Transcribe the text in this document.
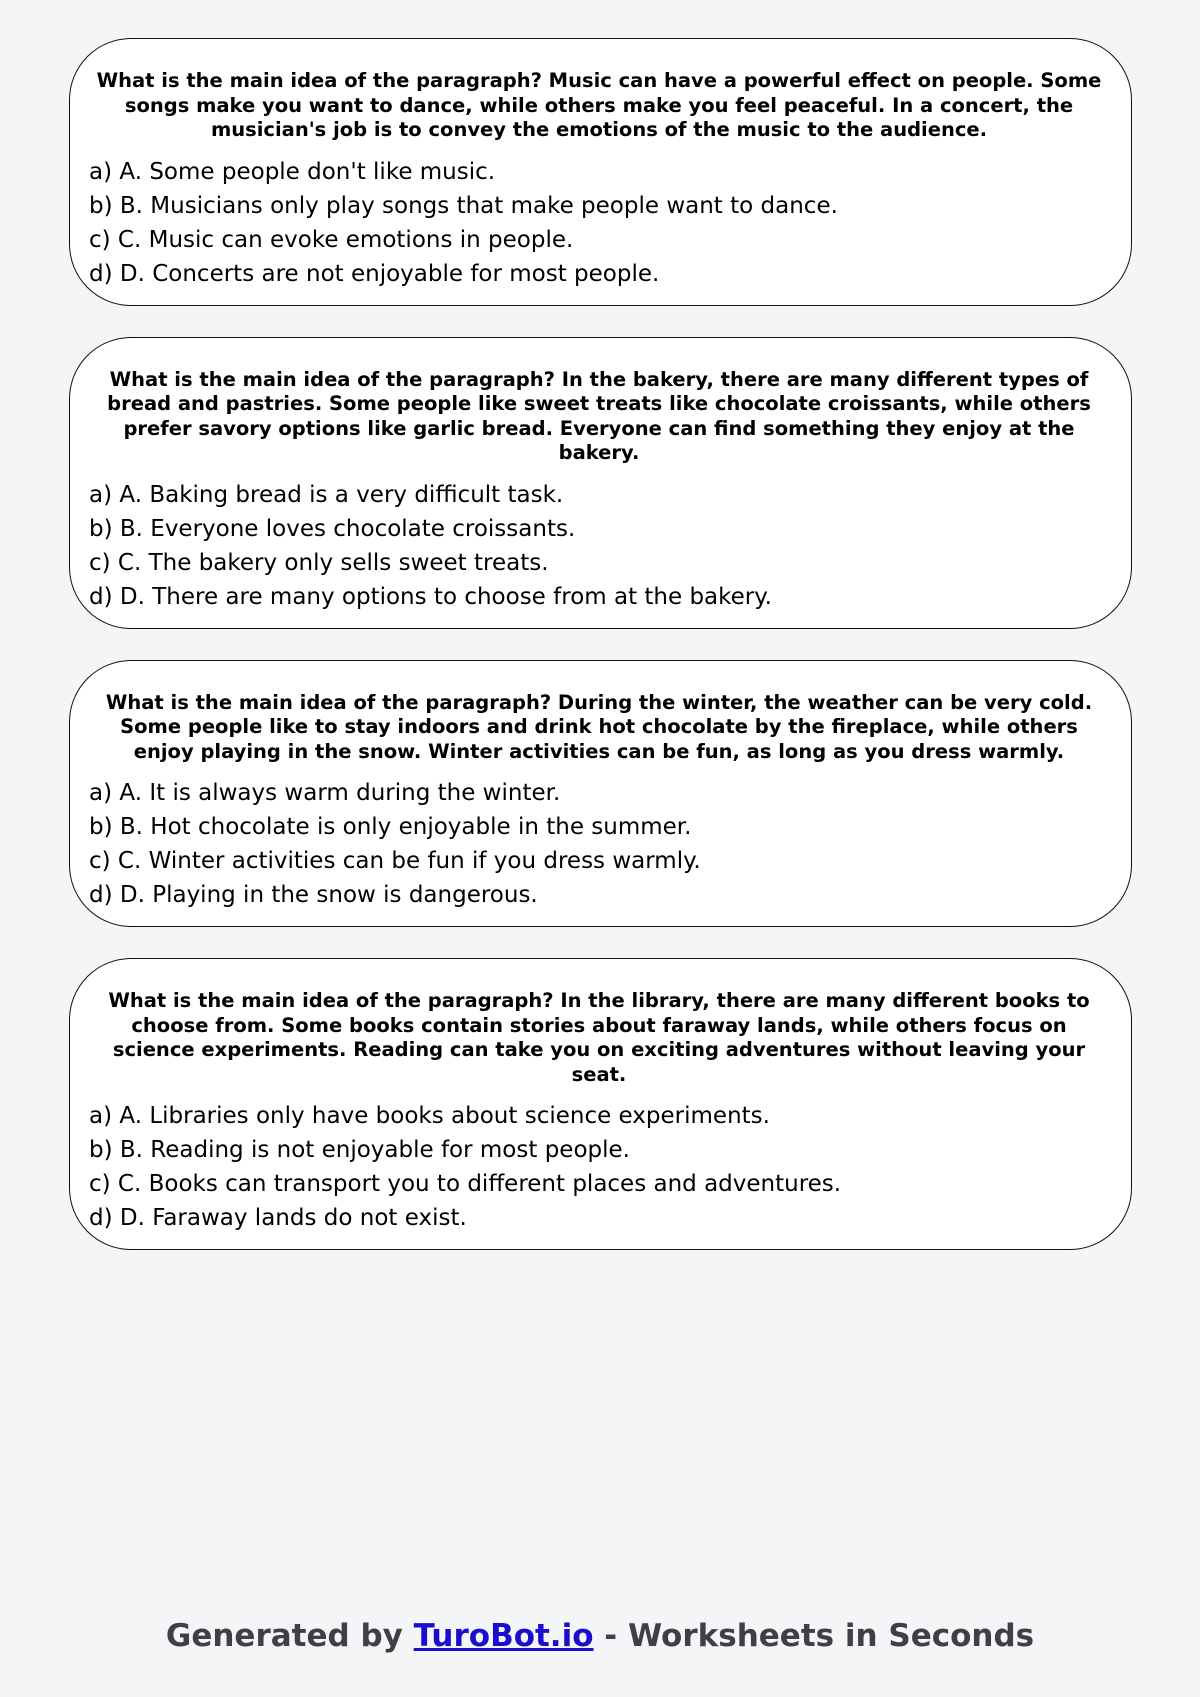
What is the main idea of the paragraph? Music can have a powerful effect on people. Some songs make you want to dance, while others make you feel peaceful. In a concert, the musician's job is to convey the emotions of the music to the audience.

a) A. Some people don't like music.
b) B. Musicians only play songs that make people want to dance.
c) C. Music can evoke emotions in people.
d) D. Concerts are not enjoyable for most people.

What is the main idea of the paragraph? In the bakery, there are many different types of bread and pastries. Some people like sweet treats like chocolate croissants, while others prefer savory options like garlic bread. Everyone can find something they enjoy at the bakery.

a) A. Baking bread is a very difficult task.
b) B. Everyone loves chocolate croissants.
c) C. The bakery only sells sweet treats.
d) D. There are many options to choose from at the bakery.

What is the main idea of the paragraph? During the winter, the weather can be very cold. Some people like to stay indoors and drink hot chocolate by the fireplace, while others enjoy playing in the snow. Winter activities can be fun, as long as you dress warmly.

a) A. It is always warm during the winter.
b) B. Hot chocolate is only enjoyable in the summer.
c) C. Winter activities can be fun if you dress warmly.
d) D. Playing in the snow is dangerous.

What is the main idea of the paragraph? In the library, there are many different books to choose from. Some books contain stories about faraway lands, while others focus on science experiments. Reading can take you on exciting adventures without leaving your seat.

a) A. Libraries only have books about science experiments.
b) B. Reading is not enjoyable for most people.
c) C. Books can transport you to different places and adventures.
d) D. Faraway lands do not exist.
Generated by TuroBot.io - Worksheets in Seconds
